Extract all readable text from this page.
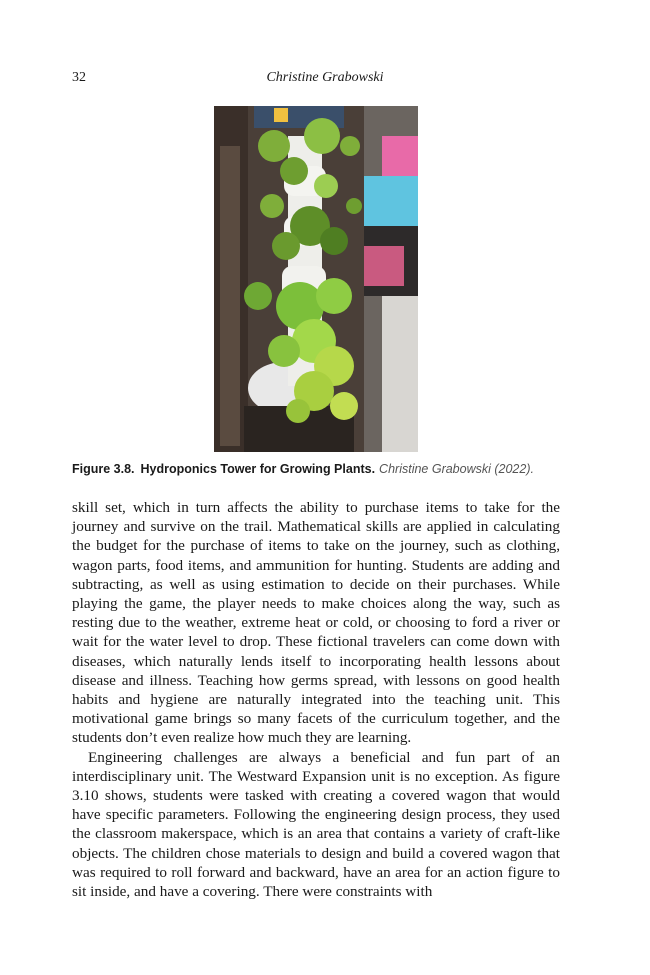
32	Christine Grabowski
Figure 3.8. Hydroponics Tower for Growing Plants. Christine Grabowski (2022).

skill set, which in turn affects the ability to purchase items to take for the journey and survive on the trail. Mathematical skills are applied in calculating the budget for the purchase of items to take on the journey, such as clothing, wagon parts, food items, and ammunition for hunting. Students are adding and subtracting, as well as using estimation to decide on their purchases. While playing the game, the player needs to make choices along the way, such as resting due to the weather, extreme heat or cold, or choosing to ford a river or wait for the water level to drop. These fictional travelers can come down with diseases, which naturally lends itself to incorporating health lessons about disease and illness. Teaching how germs spread, with lessons on good health habits and hygiene are naturally integrated into the teaching unit. This motivational game brings so many facets of the curriculum together, and the students don’t even realize how much they are learning.

Engineering challenges are always a beneficial and fun part of an interdisciplinary unit. The Westward Expansion unit is no exception. As figure 3.10 shows, students were tasked with creating a covered wagon that would have specific parameters. Following the engineering design process, they used the classroom makerspace, which is an area that contains a variety of craft-like objects. The children chose materials to design and build a covered wagon that was required to roll forward and backward, have an area for an action figure to sit inside, and have a covering. There were constraints with
